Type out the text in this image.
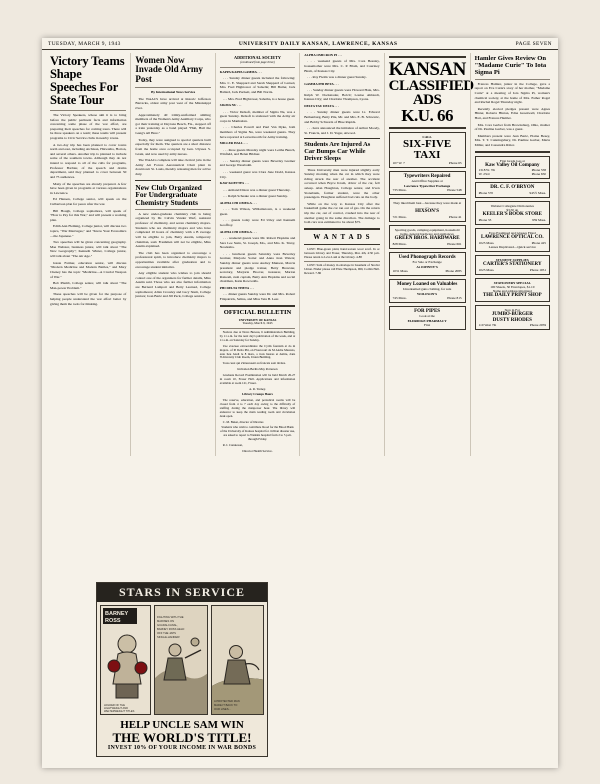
TUESDAY, MARCH 9, 1943	UNIVERSITY DAILY KANSAN, LAWRENCE, KANSAS	PAGE SEVEN
Victory Teams Shape Speeches For State Tour

The Victory Speakers, whose aim it is to bring before the public pertinent facts and information concerning some phase of the war effort, are preparing their speeches for coming tours. There will be three speakers on a team; these teams will present programs to Civic Service clubs in nearby towns.

A two-day trip has been planned to cover towns north and east, including Atchison, Hiawatha, Horton, and several others. Another trip is planned to include some of the southern towns. Although they do not intend to respond to all of the calls for programs, Professor Barbier, of the speech and drama department, said they planned to cover between 50 and 75 audiences.

Many of the speeches are already prepared. A few have been given in programs at various organizations in Lawrence.

Ed Hansen, College senior, will speak on the Culbertson plan for peace after the war.

Bill Hough, College sophomore, will speak of "How to Pay for this War," and will present a working plan.

Edith Ann Fleming, College junior, will discuss two topics, "War Marriages," and "Know Your Economics—the Japanese."

Two speeches will be given concerning geography. Mae Webster, business junior, will talk about "The New Geography"; Kenneth Winter, College junior, will talk about "The Air Age."

Jessie Farmer, education senior, will discuss "Modern Medicine and Modern Battles," and Mary Cheney has the topic "Medicine—A Crucial Weapon of War."

Bob Plumb, College senior, will talk about "The Man-power Problem."

These speeches will be given for the purpose of helping people understand the war effort better by giving them the tools for thinking.

Women Now Invade Old Army Post

By International News Service

The WAACS have arrived at historic Jefferson Barracks, oldest army post west of the Mississippi river.

Approximately 40 trimly-uniformed smiling members of the Women's Army Auxiliary Corps, who got their training at Daytona Beach, Fla., stepped off a train yesterday as a band played "Hail, Hail the Gang's All Here."

Today, they were assigned to special quarters built especially for them. The quarters are a short distance from the home once occupied by Gen. Ulysses S. Grant, and now used by army nurses.

The WAACs complete will take clerical jobs in the Army Air Forces Aeronautical Chart plant in downtown St. Louis, thereby releasing men for active duty.

New Club Organized For Undergraduate Chemistry Students

A new under-graduate chemistry club is being organized by Dr. Calvin Vander Werf, assistant professor of chemistry, and seven chemistry majors. Students who are chemistry majors and who have completed 10 hours of chemistry with a B average will be eligible to join, Betty Austin, temporary chairman, said. Freshmen will not be eligible, Miss Austin explained.

The club has been organized to encourage a professional spirit, to introduce chemistry majors to opportunities available after graduation and to encourage student initiative.

Any eligible student who wishes to join should contact one of the organizers for further details, Miss Austin said. Those who are also further information are Bernard Lamport and Betty Learned, College sophomores; Allan Crossley and Lucy Stum, College juniors; Joan Bartz and Jill Peck, College seniors.

ADDITIONAL SOCIETY
(continued from page three)

KAPPA KAPPA GAMMA . . .

. . . Sunday dinner guests included the following: Mrs. C. E. Sheppard and Sarah Sheppard of Larned, Mrs. Fred Hightower of Salselle; Bill Butler, Jack Ballard, Jack Puckett, and Bill Norris.

. . . Mrs. Fred Hightower, Sabetha, is a house guest.

SIGMA NU . . .

. . . Victor Delsoft, member of Sigma Nu, was a guest Sunday. Delsoft is stationed with the Army air corps in Manhattan.

. . . Charles Powell and Paul Van Dyke, both members of Sigma Nu, were weekend guests. They have reported at Leavenworth for Army training.

MILLER HALL . . .

. . . three guests Monday night were Letiha Bunch, Winfield, and Helen Bildner.

. . . Sunday dinner guests were Beverley Greiner and George Wessbolm.

. . . weekend guest was Clara Jane Dodd, Kansas City.

KAW KOETTES . . .

. . . Armand Dixon was a dinner guest Thursday.

. . . Ralph Schaake was a dinner guest Sunday.

ALPHA CHI OMEGA . . .

. . . Tom Wilson, Williamstown, is a weekend guest.

. . . guests today were Ed Utley and Kenneth Geoffroy.

ALPHA CHI OMEGA . . .

. . . weekend guests were Mr. Robert Hopkins and Sara Lee Stein, St. Joseph, Mo., and Mrs. K. Truxy, Neodesha.

. . . luncheon guests Saturday were Beverley Greiner, Marjorie Sorter and Anna Jean Waters; Sunday dinner guests were Audrey Munson, Marcia president and pledge trainer, Betty Brewster, secretary, Marjorie Hoover, treasurer, Marion Ransom, rush captain, Betty Ann Hopkins and social chairman, Katie Rowcedds.

PHI DELTA THETA . . .

. . . dinner guests Sunday were Dr. and Mrs. Robert Fitzpatrick, Salina, and Miss Veta B. Leer.

OFFICIAL BULLETIN
UNIVERSITY OF KANSAS
Tuesday, March 9, 1943

Notices due at News Bureau, 6 Administration Building, by 11 a.m. for the next day's publication of the week, and at 11 a.m. on Saturday for Sunday.

Use evacuee extraordinaire the Cyrils fountain at do in majors- of Pi Delta Phi, on Flourcourt de M Andre Maurois, auto lieu Jeudi le 8 mars, a trois heures et demie, dans l'University Club Room, Union Building.

Tous ceux qui s'interessent au francais sont invites.

Invitation Bertha May Porterson

Graduate Record Examination will be held March 26-27 in room 10, Fraser Hall. Applications and information available at room 121, Fraser.

A. R. Turney.

Library Cramps Hours

The reserve, education, and periodical rooms will be closed from 4 to 7 each day owing to the difficulty of staffing during the manpower hour. The library will endeavor to keep the main reading room and circulation desk open.

C. M. Baker, director of libraries

Students who wish to contribute blood for the Blood Bank of the University of Kansas hospital for civilian disaster use, are asked to report to Watkins hospital from 2 to 5 p.m. through Friday.

R. I. Canuteson,

Director Health Service.

ALPHA OMICRON PI . . .

. . . weekend guests of Mrs. Cora Beesley, housemother were Mrs. C. P. Blom, and Courtney Blom, of Kansas City.

. . . Roy Fields was a dinner guest Sunday.

GAMMA PHI BETA . . .

. . . Sunday dinner guests were Howard Hale, Mrs. Ralph W. Dockstader, Bolcit; Louise Ahlstedt, Kansas City; and Charlotte Thompson, Lyons.

DELTA TAU DELTA . . .

. . . Sunday dinner guests were Lt. Edward Bethenburg, Betty Pile, Mr. and Mrs. E. B. Schwartz, and Bobby Schwartz of Blue Rapids.

. . . have announced the initiation of Arthur Moody, St. Francis, and J. D. Yager, Atwood.

Students Are Injured As Car Bumps Car While Driver Sleeps

Three University men were injured slightly early Sunday morning when the car in which they were riding struck the rear of another. The accident occurred when Bryce Krom, driver of the car, fell asleep. Alan Houghton, College senior, and Irven Stonebank, former student, were the other passengers. Houghton suffered bad cuts on the body.

While on the way to Kansas City after the basketball game the car ran out of gas. On the return trip the car, out of control, crashed into the rear of another going in the same direction. The damage to both cars was estimated to be about $75.

W A N T A D S

LOST: Blue-green plaid, hand-woven wool scarf. In or between Library and Fraser, Thursday, Mar. 4th, 4:30 p.m. Please return to Leva Lash at the Library. 4-88

LOST: Sum of money in envelope in basement of Strobst Union. Finder please call Elsie Thompson, 969, Corbin Hall. Reward. 7-86

KANSAN
CLASSIFIED ADS
K.U. 66
CALL
SIX-FIVE TAXI
107 W. 7	Phone 65
Typewriters Repaired
And Office Supplies at
Lawrence Typewriter Exchange
735 Mass.	Phone 548
They liked them best—because they were made at—
HIXSON'S
721 Mass.	Phone 41
Sporting goods, camping equipment, household items, general hardware and appliances
GREEN BROS. HARDWARE
828 Mass.	Phone 661
Used Phonograph Records
For Sale or Exchange
At JOHNNY'S
1031 Mass.	Phone 2085
Money Loaned on Valuables
Unredeemed guns clothing, for sale
WOLFSON'S
745 Mass.	Phone 815
FOR PIPES
Look at the
ELDRIDGE PHARMACY
First
Hamler Gives Review On "Madame Curie" To Iota Sigma Pi

Frances Hamler, junior in the College, gave a report on Eve Curie's story of her mother, "Madame Curie" at a meeting of Iota Sigma Pi, women's chemical society, at the home of Mrs. Esther Rogel and Rachel Rogel Thursday night.

Recently elected pledges present were Agnes Hinter, Roberta Hinton, Edna Greenwell, Charlotte Hart, and Frances Hamler.

Mrs. Cora Gerber from Brownsburg, Ohio, mother of Dr. Pauline Garber, was a guest.

Members present were Jean Bartz, Elaine Besey, Mrs. T. T. Cunningsbury, Dr. Pauline Garber, Maria Miller, and Cassandra Ritter.

First Grade Gas at
Kaw Valley Oil Company
1318 W. 7th	Phone 558
W. 23rd	Phone 650
DR. C. F. O'BRYON
Phone 570	945½ Mass.
Webster Collegiate Dictionaries
$3.50 up
KEELER'S BOOK STORE
Phone 33	939 Mass.
Eyes Examined and Glasses Fitted
LAWRENCE OPTICAL CO.
1025 Mass.	Phone 425
Lenses Duplicated—Quick service
STUDENT SUPPLIES
CARTER'S STATIONERY
1025 Mass.	Phone 1051
STATIONERY SPECIAL
100 Sheets, 50 Envelopes, $1.10
Name and address imprinted
THE DAILY PRINT SHOP
Stop in For
JUMBO-BURGER
DUSTY RHODES
110 West 7th	Phone 2059
STARS IN SERVICE
BARNEY
ROSS
HOLDER OF THE
LIGHTWEIGHT AND
WELTERWEIGHT TITLES
FIGHTING WITH THE
MARINES ON
GUADALCANAL,
BARNEY ROSS HELD
OFF THE JAPS
SINGLE-HANDED!
A PROTECTED MAN
MADE IT BACK TO
OUR LINES...
HELP UNCLE SAM WIN
THE WORLD'S TITLE!
INVEST 10% OF YOUR INCOME IN WAR BONDS
